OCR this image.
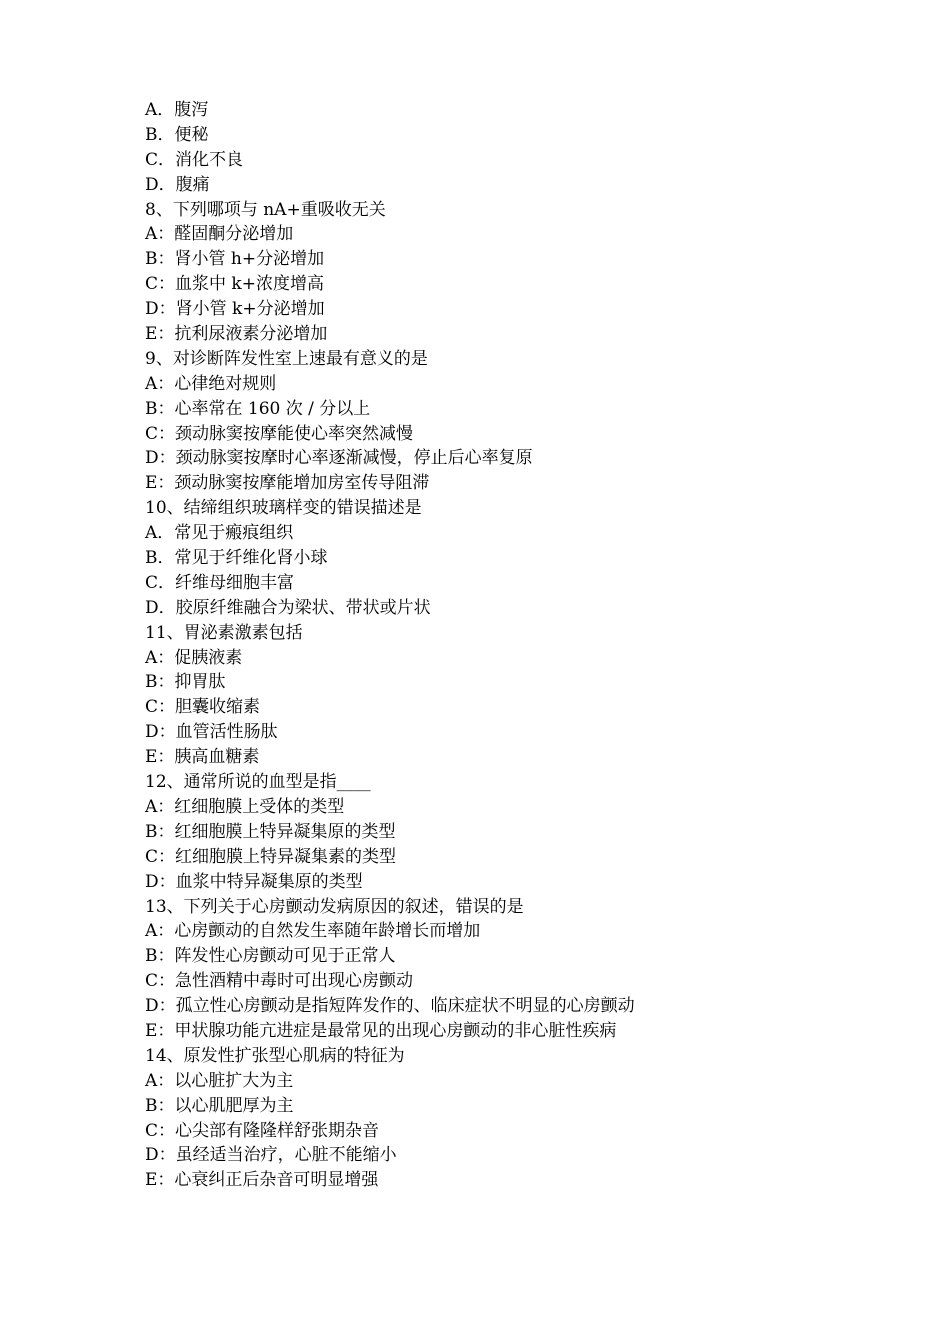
A．腹泻
B．便秘
C．消化不良
D．腹痛
8、下列哪项与 nA+重吸收无关
A：醛固酮分泌增加
B：肾小管 h+分泌增加
C：血浆中 k+浓度增高
D：肾小管 k+分泌增加
E：抗利尿液素分泌增加
9、对诊断阵发性室上速最有意义的是
A：心律绝对规则
B：心率常在 160 次 / 分以上
C：颈动脉窦按摩能使心率突然减慢
D：颈动脉窦按摩时心率逐渐减慢，停止后心率复原
E：颈动脉窦按摩能增加房室传导阻滞
10、结缔组织玻璃样变的错误描述是
A．常见于瘢痕组织
B．常见于纤维化肾小球
C．纤维母细胞丰富
D．胶原纤维融合为梁状、带状或片状
11、胃泌素激素包括
A：促胰液素
B：抑胃肽
C：胆囊收缩素
D：血管活性肠肽
E：胰高血糖素
12、通常所说的血型是指____
A：红细胞膜上受体的类型
B：红细胞膜上特异凝集原的类型
C：红细胞膜上特异凝集素的类型
D：血浆中特异凝集原的类型
13、下列关于心房颤动发病原因的叙述，错误的是
A：心房颤动的自然发生率随年龄增长而增加
B：阵发性心房颤动可见于正常人
C：急性酒精中毒时可出现心房颤动
D：孤立性心房颤动是指短阵发作的、临床症状不明显的心房颤动
E：甲状腺功能亢进症是最常见的出现心房颤动的非心脏性疾病
14、原发性扩张型心肌病的特征为
A：以心脏扩大为主
B：以心肌肥厚为主
C：心尖部有隆隆样舒张期杂音
D：虽经适当治疗，心脏不能缩小
E：心衰纠正后杂音可明显增强
